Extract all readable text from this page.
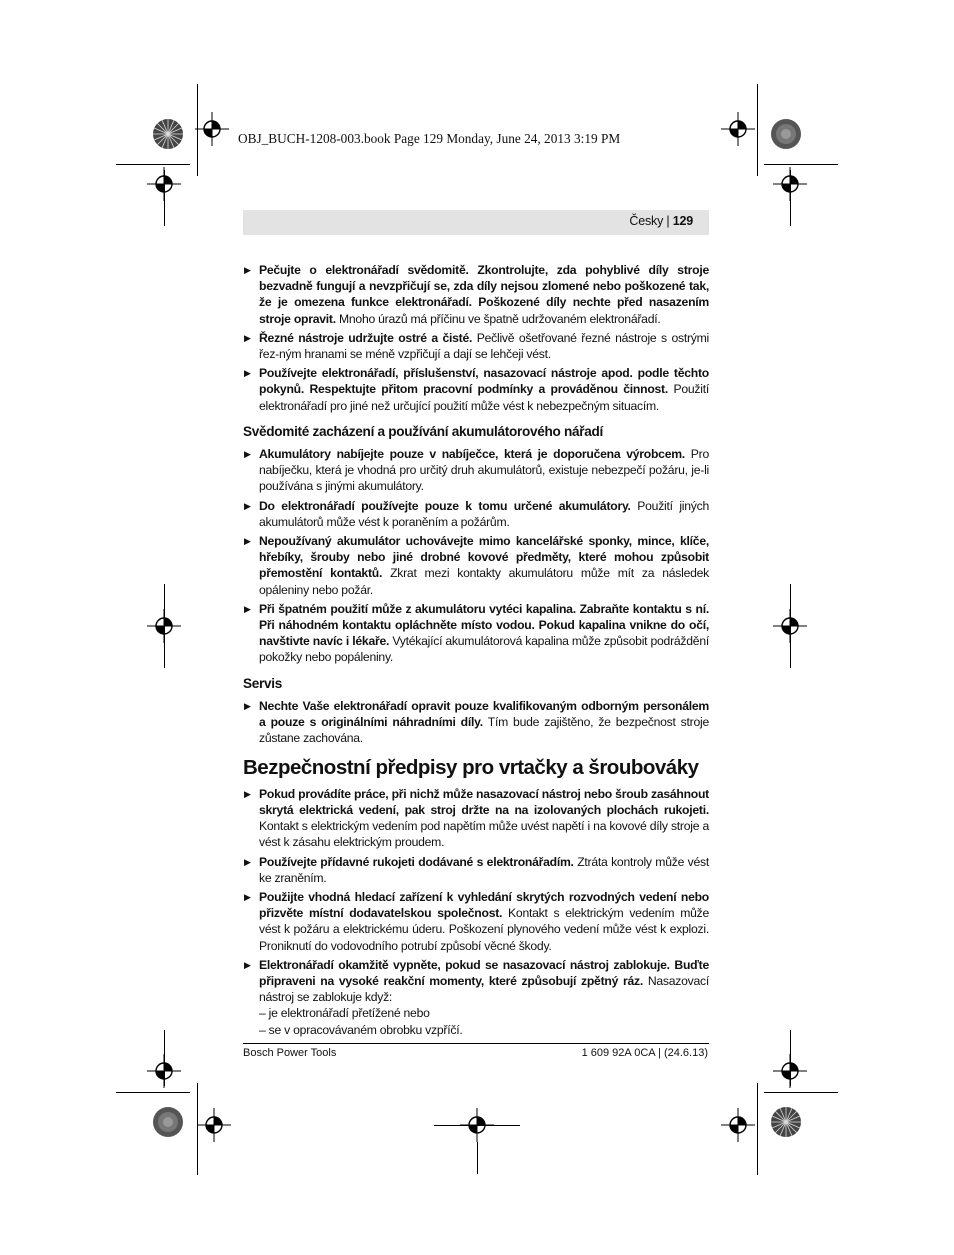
OBJ_BUCH-1208-003.book Page 129 Monday, June 24, 2013 3:19 PM
Česky | 129
▶ Pečujte o elektronářadí svědomitě. Zkontrolujte, zda pohyblivé díly stroje bezvadně fungují a nevzpřičují se, zda díly nejsou zlomené nebo poškozené tak, že je omezena funkce elektronářadí. Poškozené díly nechte před nasazením stroje opravit. Mnoho úrazů má příčinu ve špatně udržovaném elektronářadí.
▶ Řezné nástroje udržujte ostré a čisté. Pečlivě ošetřované řezné nástroje s ostrými řez-ným hranami se méně vzpřičují a dají se lehčeji vést.
▶ Používejte elektronářadí, příslušenství, nasazovací nástroje apod. podle těchto pokynů. Respektujte přitom pracovní podmínky a prováděnou činnost. Použití elektronářadí pro jiné než určující použití může vést k nebezpečným situacím.
Svědomité zacházení a používání akumulátorového nářadí
▶ Akumulátory nabíjejte pouze v nabíječce, která je doporučena výrobcem. Pro nabíječku, která je vhodná pro určitý druh akumulátorů, existuje nebezpečí požáru, je-li používána s jinými akumulátory.
▶ Do elektronářadí používejte pouze k tomu určené akumulátory. Použití jiných akumulátorů může vést k poraněním a požárům.
▶ Nepoužívaný akumulátor uchovávejte mimo kancelářské sponky, mince, klíče, hřebíky, šrouby nebo jiné drobné kovové předměty, které mohou způsobit přemostění kontaktů. Zkrat mezi kontakty akumulátoru může mít za následek opáleniny nebo požár.
▶ Při špatném použití může z akumulátoru vytéci kapalina. Zabraňte kontaktu s ní. Při náhodném kontaktu opláchněte místo vodou. Pokud kapalina vnikne do očí, navštivte navíc i lékaře. Vytékající akumulátorová kapalina může způsobit podráždění pokožky nebo popáleniny.
Servis
▶ Nechte Vaše elektronářadí opravit pouze kvalifikovaným odborným personálem a pouze s originálními náhradními díly. Tím bude zajištěno, že bezpečnost stroje zůstane zachována.
Bezpečnostní předpisy pro vrtačky a šroubováky
▶ Pokud provádíte práce, při nichž může nasazovací nástroj nebo šroub zasáhnout skrytá elektrická vedení, pak stroj držte na na izolovaných plochách rukojeti. Kontakt s elektrickým vedením pod napětím může uvést napětí i na kovové díly stroje a vést k zásahu elektrickým proudem.
▶ Používejte přídavné rukojeti dodávané s elektronářadím. Ztráta kontroly může vést ke zraněním.
▶ Použijte vhodná hledací zařízení k vyhledání skrytých rozvodných vedení nebo přizvěte místní dodavatelskou společnost. Kontakt s elektrickým vedením může vést k požáru a elektrickému úderu. Poškození plynového vedení může vést k explozi. Proniknutí do vodovodního potrubí způsobí věcné škody.
▶ Elektronářadí okamžitě vypněte, pokud se nasazovací nástroj zablokuje. Buďte připraveni na vysoké reakční momenty, které způsobují zpětný ráz. Nasazovací nástroj se zablokuje když:
– je elektronářadí přetížené nebo
– se v opracovávaném obrobku vzpříčí.
Bosch Power Tools	1 609 92A 0CA | (24.6.13)
